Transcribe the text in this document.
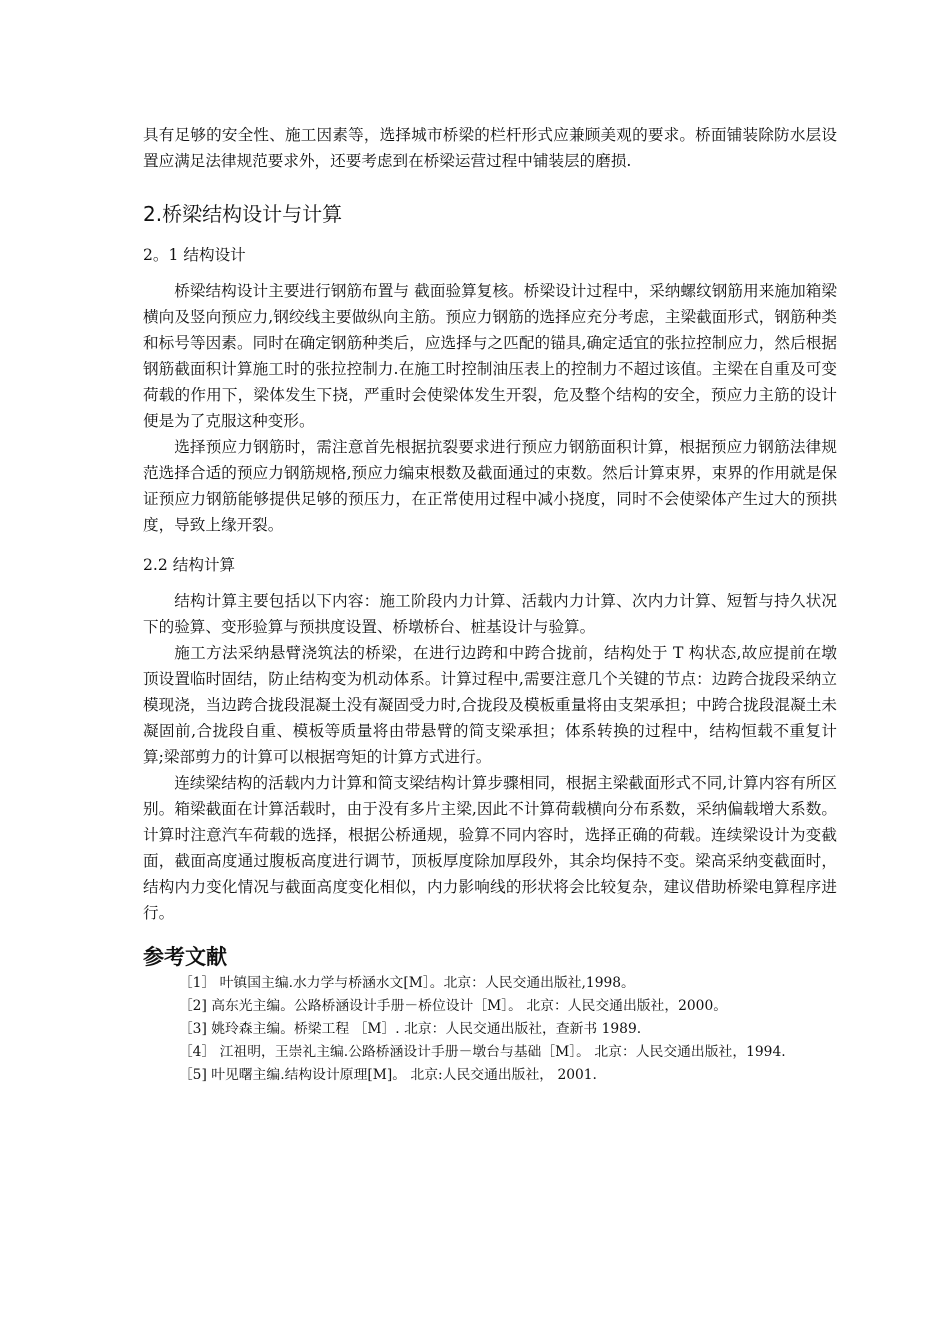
具有足够的安全性、施工因素等，选择城市桥梁的栏杆形式应兼顾美观的要求。桥面铺装除防水层设置应满足法律规范要求外，还要考虑到在桥梁运营过程中铺装层的磨损.

2.桥梁结构设计与计算
2。1 结构设计

桥梁结构设计主要进行钢筋布置与 截面验算复核。桥梁设计过程中，采纳螺纹钢筋用来施加箱梁横向及竖向预应力,钢绞线主要做纵向主筋。预应力钢筋的选择应充分考虑，主梁截面形式，钢筋种类和标号等因素。同时在确定钢筋种类后，应选择与之匹配的锚具,确定适宜的张拉控制应力，然后根据钢筋截面积计算施工时的张拉控制力.在施工时控制油压表上的控制力不超过该值。主梁在自重及可变荷载的作用下，梁体发生下挠，严重时会使梁体发生开裂，危及整个结构的安全，预应力主筋的设计便是为了克服这种变形。

选择预应力钢筋时，需注意首先根据抗裂要求进行预应力钢筋面积计算，根据预应力钢筋法律规范选择合适的预应力钢筋规格,预应力编束根数及截面通过的束数。然后计算束界，束界的作用就是保证预应力钢筋能够提供足够的预压力，在正常使用过程中减小挠度，同时不会使梁体产生过大的预拱度，导致上缘开裂。

2.2 结构计算

结构计算主要包括以下内容：施工阶段内力计算、活载内力计算、次内力计算、短暂与持久状况下的验算、变形验算与预拱度设置、桥墩桥台、桩基设计与验算。

施工方法采纳悬臂浇筑法的桥梁，在进行边跨和中跨合拢前，结构处于 T 构状态,故应提前在墩顶设置临时固结，防止结构变为机动体系。计算过程中,需要注意几个关键的节点：边跨合拢段采纳立模现浇，当边跨合拢段混凝土没有凝固受力时,合拢段及模板重量将由支架承担；中跨合拢段混凝土未凝固前,合拢段自重、模板等质量将由带悬臂的简支梁承担；体系转换的过程中，结构恒载不重复计算;梁部剪力的计算可以根据弯矩的计算方式进行。

连续梁结构的活载内力计算和简支梁结构计算步骤相同，根据主梁截面形式不同,计算内容有所区别。箱梁截面在计算活载时，由于没有多片主梁,因此不计算荷载横向分布系数，采纳偏载增大系数。计算时注意汽车荷载的选择，根据公桥通规，验算不同内容时，选择正确的荷载。连续梁设计为变截面，截面高度通过腹板高度进行调节，顶板厚度除加厚段外，其余均保持不变。梁高采纳变截面时，结构内力变化情况与截面高度变化相似，内力影响线的形状将会比较复杂，建议借助桥梁电算程序进行。

参考文献

［1］ 叶镇国主编.水力学与桥涵水文[M］。北京：人民交通出版社,1998。

［2] 高东光主编。公路桥涵设计手册－桥位设计［M］。 北京：人民交通出版社，2000。

［3] 姚玲森主编。桥梁工程 ［M］. 北京：人民交通出版社，查新书 1989.

［4］ 江祖明，王崇礼主编.公路桥涵设计手册－墩台与基础［M］。 北京：人民交通出版社，1994.

［5] 叶见曙主编.结构设计原理[M]。 北京:人民交通出版社， 2001.
